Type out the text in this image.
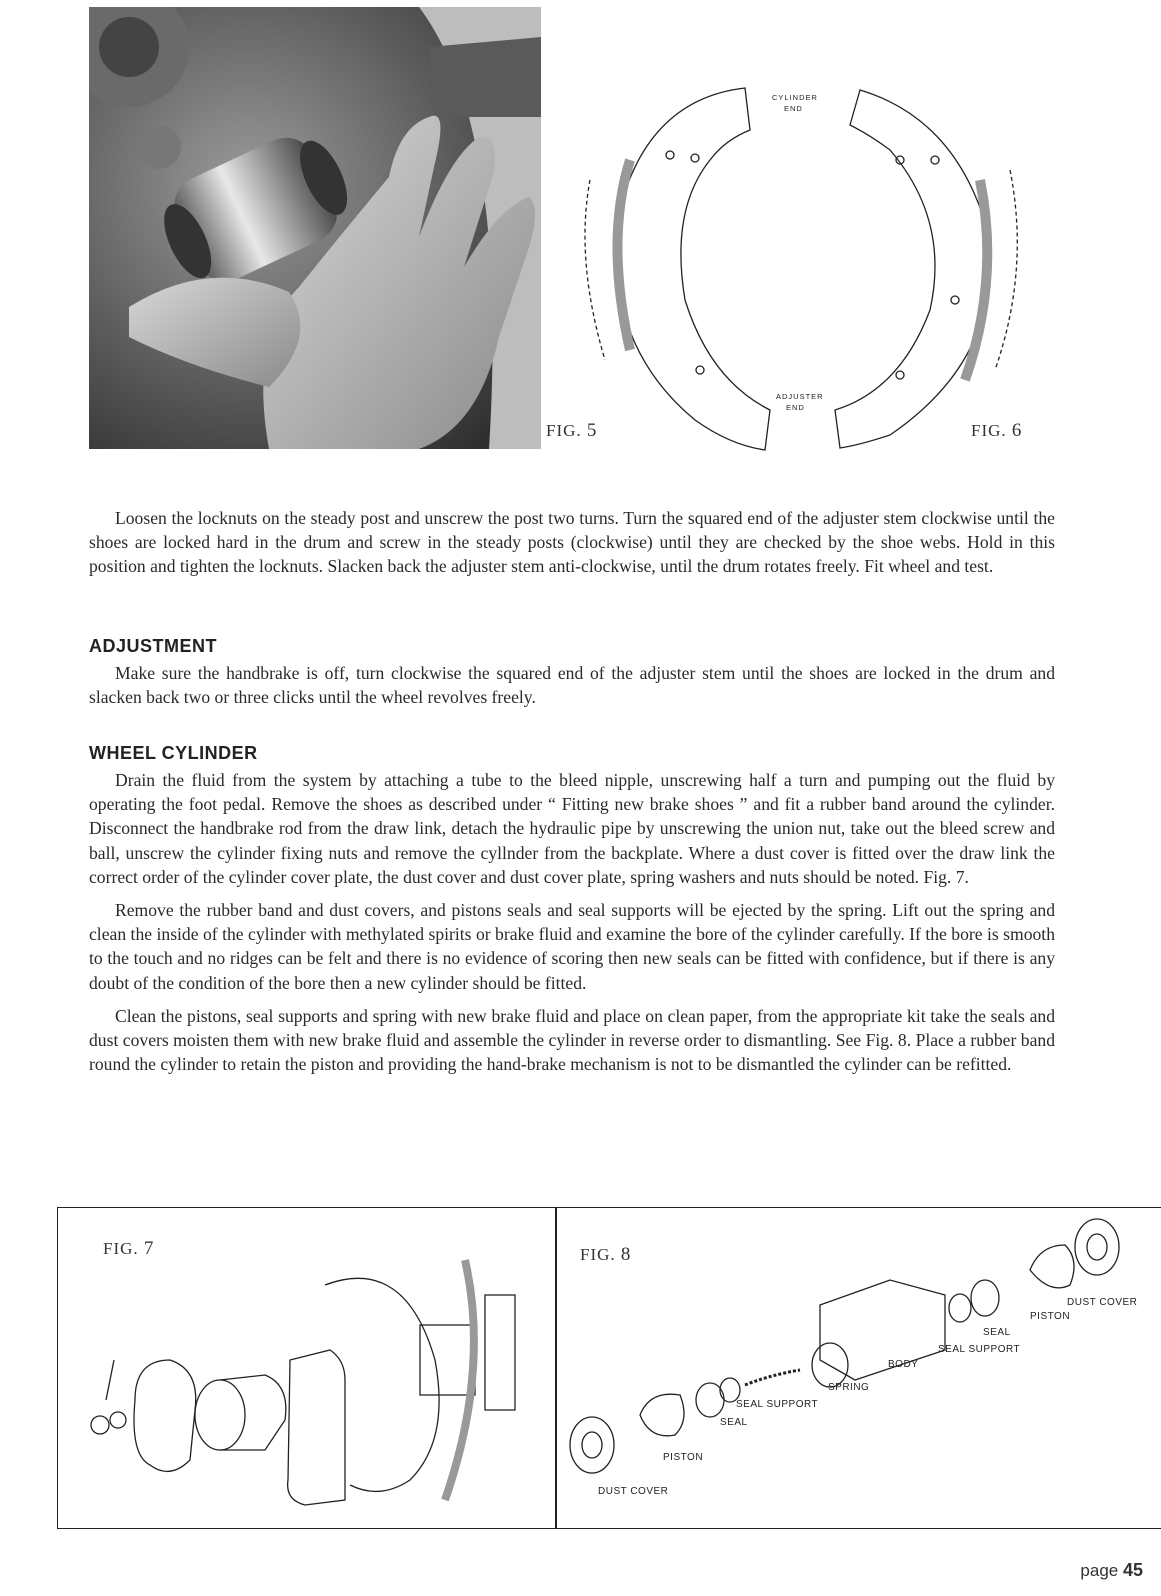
FIG. 5
CYLINDER
END
ADJUSTER
END
FIG. 6

Loosen the locknuts on the steady post and unscrew the post two turns. Turn the squared end of the adjuster stem clockwise until the shoes are locked hard in the drum and screw in the steady posts (clockwise) until they are checked by the shoe webs. Hold in this position and tighten the locknuts. Slacken back the adjuster stem anti-clockwise, until the drum rotates freely. Fit wheel and test.

ADJUSTMENT

Make sure the handbrake is off, turn clockwise the squared end of the adjuster stem until the shoes are locked in the drum and slacken back two or three clicks until the wheel revolves freely.

WHEEL CYLINDER

Drain the fluid from the system by attaching a tube to the bleed nipple, unscrewing half a turn and pumping out the fluid by operating the foot pedal. Remove the shoes as described under “ Fitting new brake shoes ” and fit a rubber band around the cylinder. Disconnect the handbrake rod from the draw link, detach the hydraulic pipe by unscrewing the union nut, take out the bleed screw and ball, unscrew the cylinder fixing nuts and remove the cyllnder from the backplate. Where a dust cover is fitted over the draw link the correct order of the cylinder cover plate, the dust cover and dust cover plate, spring washers and nuts should be noted. Fig. 7.

Remove the rubber band and dust covers, and pistons seals and seal supports will be ejected by the spring. Lift out the spring and clean the inside of the cylinder with methylated spirits or brake fluid and examine the bore of the cylinder carefully. If the bore is smooth to the touch and no ridges can be felt and there is no evidence of scoring then new seals can be fitted with confidence, but if there is any doubt of the condition of the bore then a new cylinder should be fitted.

Clean the pistons, seal supports and spring with new brake fluid and place on clean paper, from the appropriate kit take the seals and dust covers moisten them with new brake fluid and assemble the cylinder in reverse order to dismantling. See Fig. 8. Place a rubber band round the cylinder to retain the piston and providing the hand-brake mechanism is not to be dismantled the cylinder can be refitted.

FIG. 7	FIG. 8
DUST COVER
PISTON
SEAL
SEAL SUPPORT
BODY
SPRING
SEAL SUPPORT
SEAL
PISTON
DUST COVER
page 45
